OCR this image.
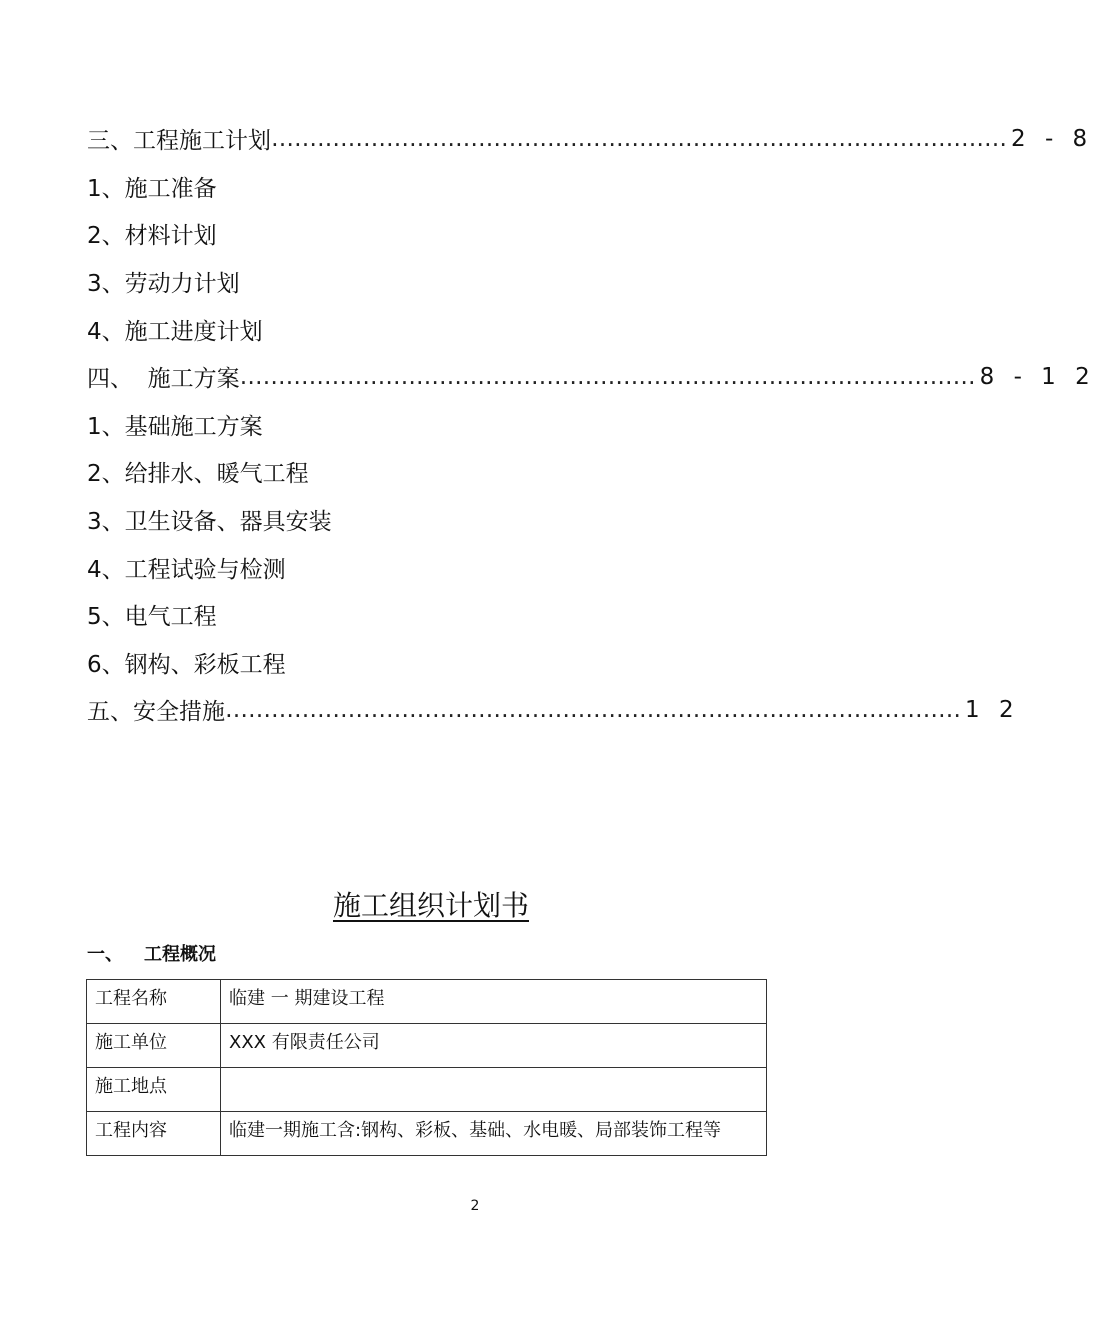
三、工程施工计划 …………………………………………………………………………………… 2 - 8
1、施工准备
2、材料计划
3、劳动力计划
4、施工进度计划
四、  施工方案 …………………………………………………………………………………… 8 - 1 2
1、基础施工方案
2、给排水、暖气工程
3、卫生设备、器具安装
4、工程试验与检测
5、电气工程
6、钢构、彩板工程
五、安全措施 …………………………………………………………………………………… 1 2
施工组织计划书
一、 工程概况
工程名称	临建 一 期建设工程
施工单位	XXX 有限责任公司
施工地点	
工程内容	临建一期施工含:钢构、彩板、基础、水电暖、局部装饰工程等
2
